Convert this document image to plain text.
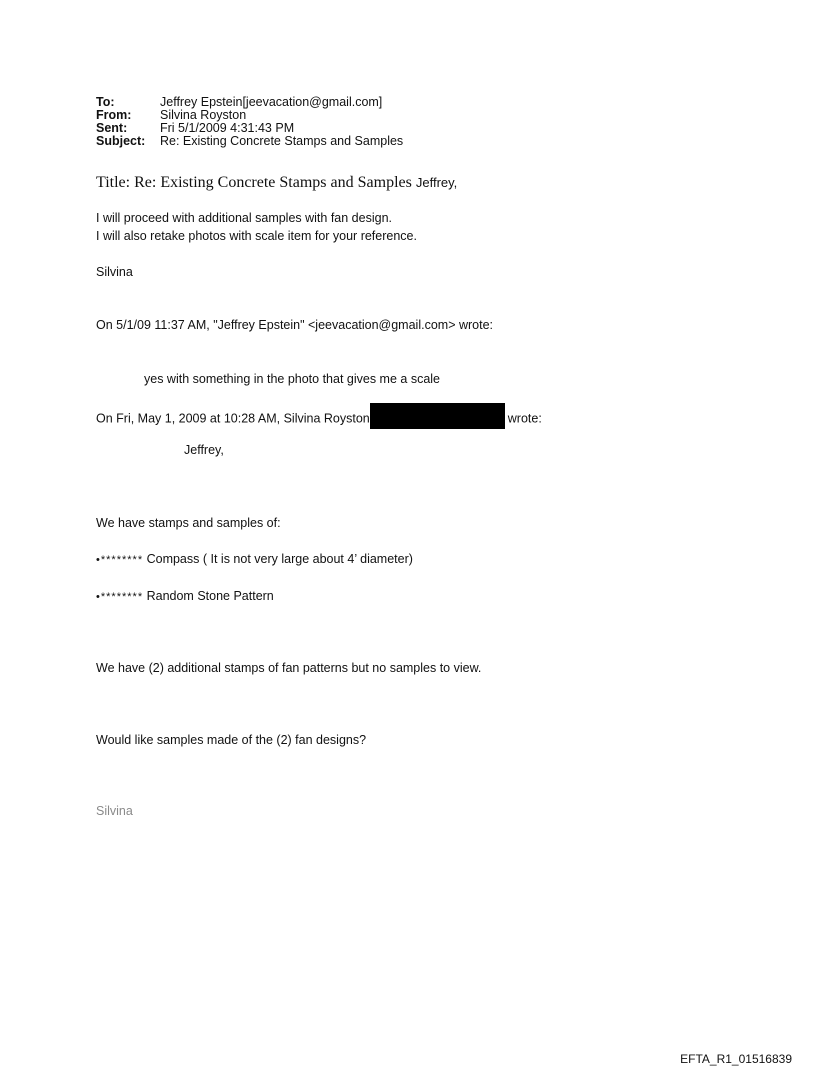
To:	Jeffrey Epstein[jeevacation@gmail.com]
From:	Silvina Royston
Sent:	Fri 5/1/2009 4:31:43 PM
Subject:	Re: Existing Concrete Stamps and Samples
Title: Re: Existing Concrete Stamps and Samples Jeffrey,
I will proceed with additional samples with fan design.
I will also retake photos with scale item for your reference.
Silvina
On 5/1/09 11:37 AM, "Jeffrey Epstein" <jeevacation@gmail.com> wrote:
yes with something in the photo that gives me a scale
On Fri, May 1, 2009 at 10:28 AM, Silvina Royston	wrote:
Jeffrey,
We have stamps and samples of:
•******** Compass ( It is not very large about 4’ diameter)
•******** Random Stone Pattern
We have (2) additional stamps of fan patterns but no samples to view.
Would like samples made of the (2) fan designs?
Silvina
EFTA_R1_01516839
